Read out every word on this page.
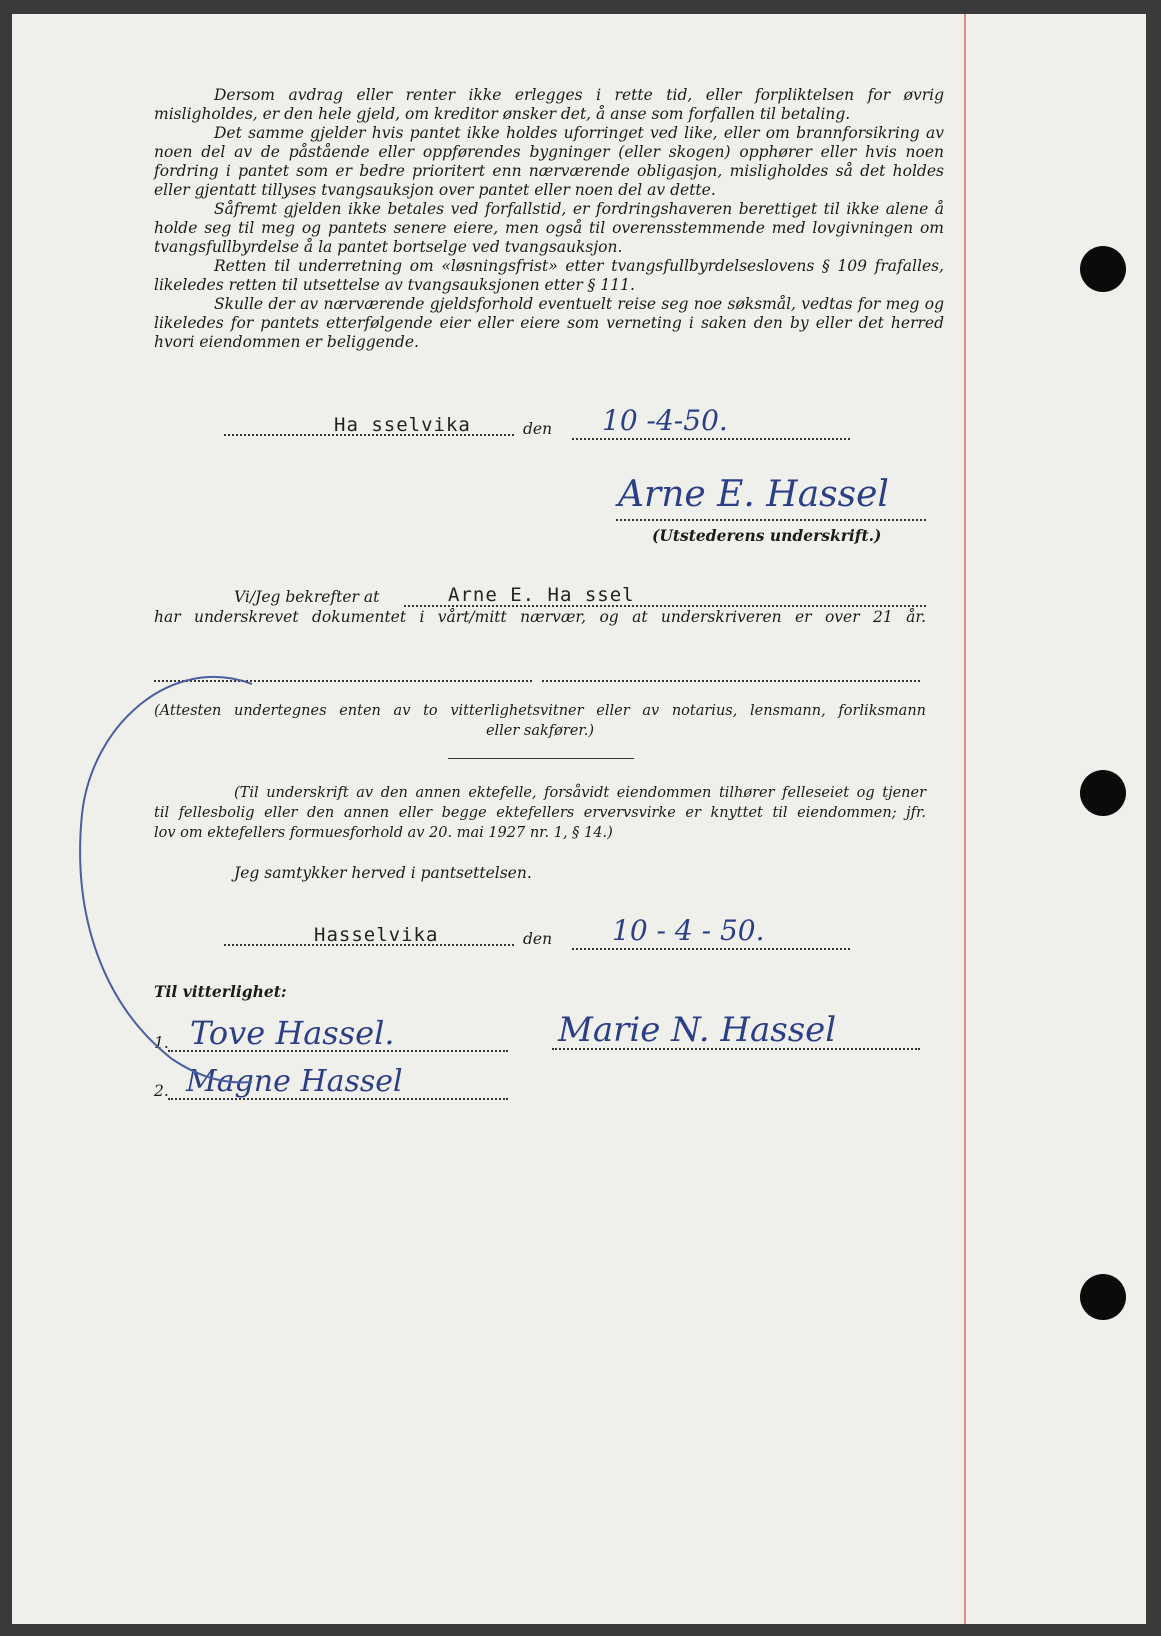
Dersom avdrag eller renter ikke erlegges i rette tid, eller forpliktelsen for øvrig misligholdes, er den hele gjeld, om kreditor ønsker det, å anse som forfallen til betaling.

Det samme gjelder hvis pantet ikke holdes uforringet ved like, eller om brannforsikring av noen del av de påstående eller oppførendes bygninger (eller skogen) opphører eller hvis noen fordring i pantet som er bedre prioritert enn nærværende obligasjon, misligholdes så det holdes eller gjentatt tillyses tvangsauksjon over pantet eller noen del av dette.

Såfremt gjelden ikke betales ved forfallstid, er fordringshaveren berettiget til ikke alene å holde seg til meg og pantets senere eiere, men også til overensstemmende med lovgivningen om tvangsfullbyrdelse å la pantet bortselge ved tvangsauksjon.

Retten til underretning om «løsningsfrist» etter tvangsfullbyrdelseslovens § 109 frafalles, likeledes retten til utsettelse av tvangsauksjonen etter § 111.

Skulle der av nærværende gjeldsforhold eventuelt reise seg noe søksmål, vedtas for meg og likeledes for pantets etterfølgende eier eller eiere som verneting i saken den by eller det herred hvori eiendommen er beliggende.

Ha sselvika	den 10 -4-50.
Arne E. Hassel
(Utstederens underskrift.)
Vi/Jeg bekrefter at	Arne E. Ha ssel
har underskrevet dokumentet i vårt/mitt nærvær, og at underskriveren er over 21 år.
(Attesten undertegnes enten av to vitterlighetsvitner eller av notarius, lensmann, forliksmann
eller sakfører.)
(Til underskrift av den annen ektefelle, forsåvidt eiendommen tilhører felleseiet og tjener
til fellesbolig eller den annen eller begge ektefellers ervervsvirke er knyttet til eiendommen; jfr.
lov om ektefellers formuesforhold av 20. mai 1927 nr. 1, § 14.)
Jeg samtykker herved i pantsettelsen.
Hasselvika	den 10 - 4 - 50.
Til vitterlighet:
1. Tove Hassel.
2. Magne Hassel
Marie N. Hassel
